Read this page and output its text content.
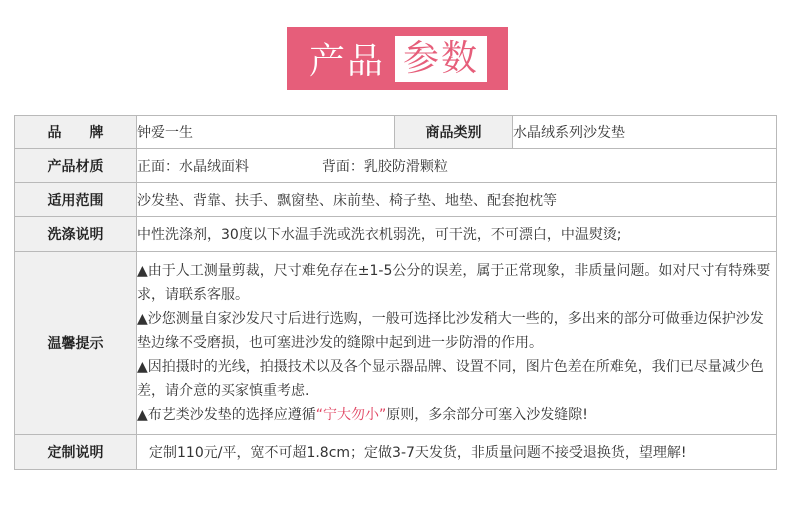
产品 参数
品　　牌	钟爱一生	商品类别	水晶绒系列沙发垫
产品材质	正面：水晶绒面料 背面：乳胶防滑颗粒		
适用范围	沙发垫、背靠、扶手、飘窗垫、床前垫、椅子垫、地垫、配套抱枕等		
洗涤说明	中性洗涤剂，30度以下水温手洗或洗衣机弱洗，可干洗，不可漂白，中温熨烫;		
温馨提示	▲由于人工测量剪裁，尺寸难免存在±1-5公分的误差，属于正常现象，非质量问题。如对尺寸有特殊要求，请联系客服。
▲沙您测量自家沙发尺寸后进行选购，一般可选择比沙发稍大一些的，多出来的部分可做垂边保护沙发垫边缘不受磨损，也可塞进沙发的缝隙中起到进一步防滑的作用。
▲因拍摄时的光线，拍摄技术以及各个显示器品牌、设置不同，图片色差在所难免，我们已尽量减少色差，请介意的买家慎重考虑.
▲布艺类沙发垫的选择应遵循“宁大勿小”原则，多余部分可塞入沙发缝隙!		

定制说明	定制110元/平，宽不可超1.8cm；定做3-7天发货，非质量问题不接受退换货，望理解!		
